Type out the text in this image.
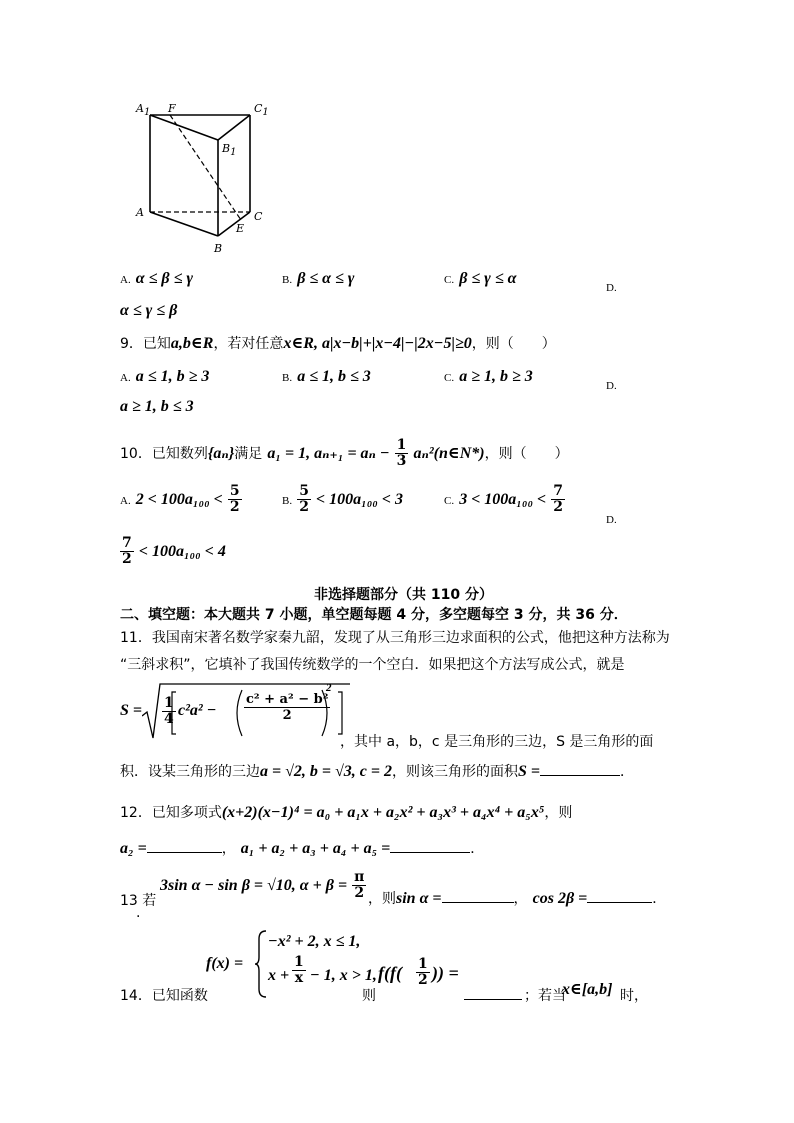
$A_1$ F	$C_1$
$B_1$
A	C
E
B
A. α ≤ β ≤ γ	B. β ≤ α ≤ γ	C. β ≤ γ ≤ α
D.
α ≤ γ ≤ β
9．已知a,b∈R，若对任意x∈R, a|x−b|+|x−4|−|2x−5|≥0，则（　　）
A. a ≤ 1, b ≥ 3	B. a ≤ 1, b ≤ 3	C. a ≥ 1, b ≥ 3
D.
a ≥ 1, b ≤ 3
10．已知数列{aₙ}满足 a₁ = 1, $a_{n+1} = a_n - \frac{1}{3}$ aₙ²(n∈N*)，则（　　）
A. $2 < 100a_{100} < \frac{5}{2}$	B. $\frac{5}{2} < 100a_{100} < 3$	C. $3 < 100a_{100} < \frac{7}{2}$
D.
$\frac{7}{2} < 100a_{100} < 4$
非选择题部分（共 110 分）
二、填空题：本大题共 7 小题，单空题每题 4 分，多空题每空 3 分，共 36 分．
11．我国南宋著名数学家秦九韶，发现了从三角形三边求面积的公式，他把这种方法称为
“三斜求积”，它填补了我国传统数学的一个空白．如果把这个方法写成公式，就是
$S = \frac{1}{4} c^2a^2 - \frac{\text{c² + a² − b²}}{2}$
2
，其中 a，b，c 是三角形的三边，S 是三角形的面
积．设某三角形的三边a = √2, b = √3, c = 2，则该三角形的面积S =	．
12．已知多项式(x+2)(x−1)⁴ = a₀ + a₁x + a₂x² + a₃x³ + a₄x⁴ + a₅x⁵，则
a₂ =	， a₁ + a₂ + a₃ + a₄ + a₅ =	．
13 若
3sin α − sin β = √10, $\alpha + \beta = \frac{\pi}{2}$
.
，则sin α =	， cos 2β =	．
14．已知函数
f(x) =
−x² + 2, x ≤ 1,
$x + \frac{1}{x} - 1$, x > 1,
则
$f(f( \frac{1}{2}$ )) =
；若当
x∈[a,b] 时，
